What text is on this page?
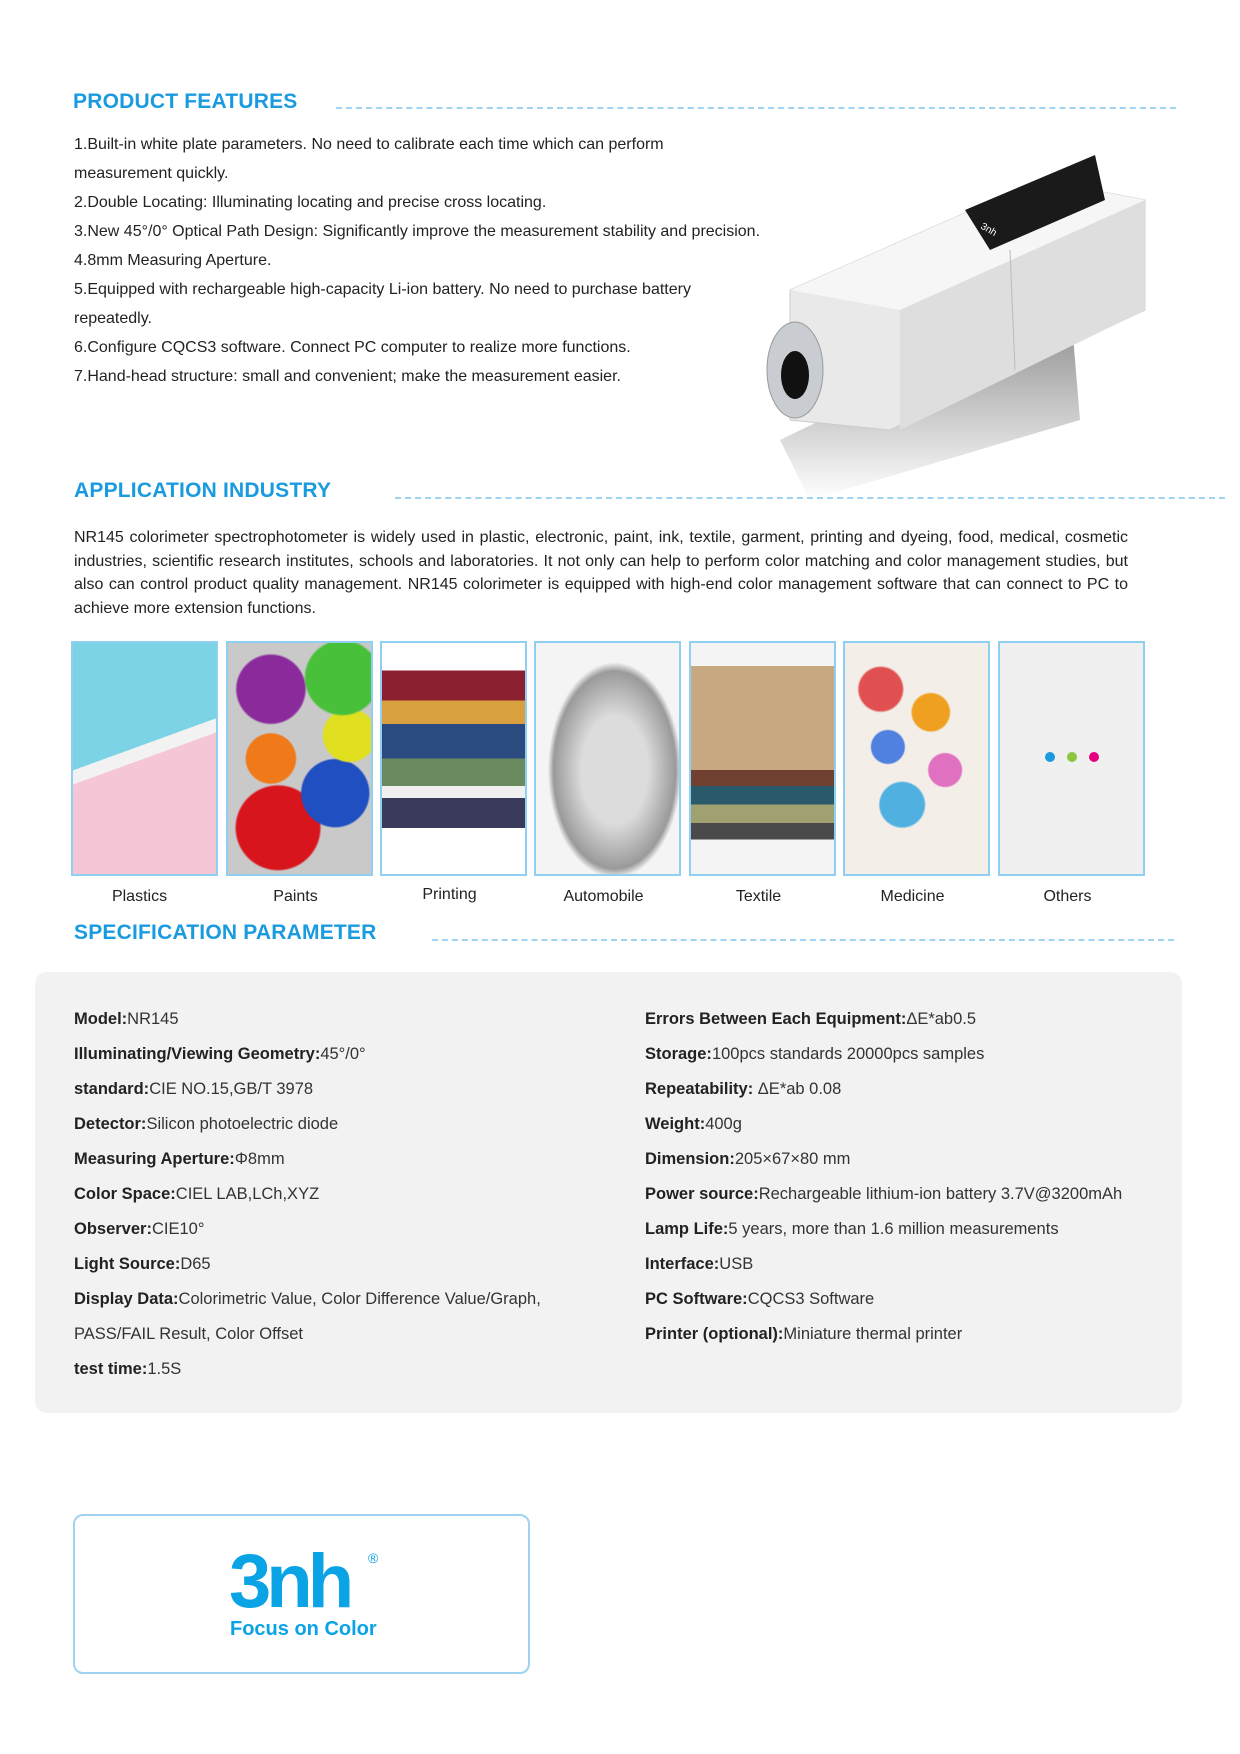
PRODUCT FEATURES
1.Built-in white plate parameters. No need to calibrate each time which can perform measurement quickly.
2.Double Locating: Illuminating locating and precise cross locating.
3.New 45°/0° Optical Path Design: Significantly improve the measurement stability and precision.
4.8mm Measuring Aperture.
5.Equipped with rechargeable high-capacity Li-ion battery. No need to purchase battery repeatedly.
6.Configure CQCS3 software. Connect PC computer to realize more functions.
7.Hand-head structure: small and convenient; make the measurement easier.
3nh
APPLICATION INDUSTRY
NR145 colorimeter spectrophotometer is widely used in plastic, electronic, paint, ink, textile, garment, printing and dyeing, food, medical, cosmetic industries, scientific research institutes, schools and laboratories. It not only can help to perform color matching and color management studies, but also can control product quality management. NR145 colorimeter is equipped with high-end color management software that can connect to PC to achieve more extension functions.
Plastics	Paints	Printing	Automobile	Textile	Medicine	Others
SPECIFICATION PARAMETER
Model:NR145
Illuminating/Viewing Geometry:45°/0°
standard:CIE NO.15,GB/T 3978
Detector:Silicon photoelectric diode
Measuring Aperture:Φ8mm
Color Space:CIEL LAB,LCh,XYZ
Observer:CIE10°
Light Source:D65
Display Data:Colorimetric Value, Color Difference Value/Graph,
PASS/FAIL Result, Color Offset
test time:1.5S
Errors Between Each Equipment:ΔE*ab0.5
Storage:100pcs standards 20000pcs samples
Repeatability: ΔE*ab 0.08
Weight:400g
Dimension:205×67×80 mm
Power source:Rechargeable lithium-ion battery 3.7V@3200mAh
Lamp Life:5 years, more than 1.6 million measurements
Interface:USB
PC Software:CQCS3 Software
Printer (optional):Miniature thermal printer
3nh ®
Focus on Color
